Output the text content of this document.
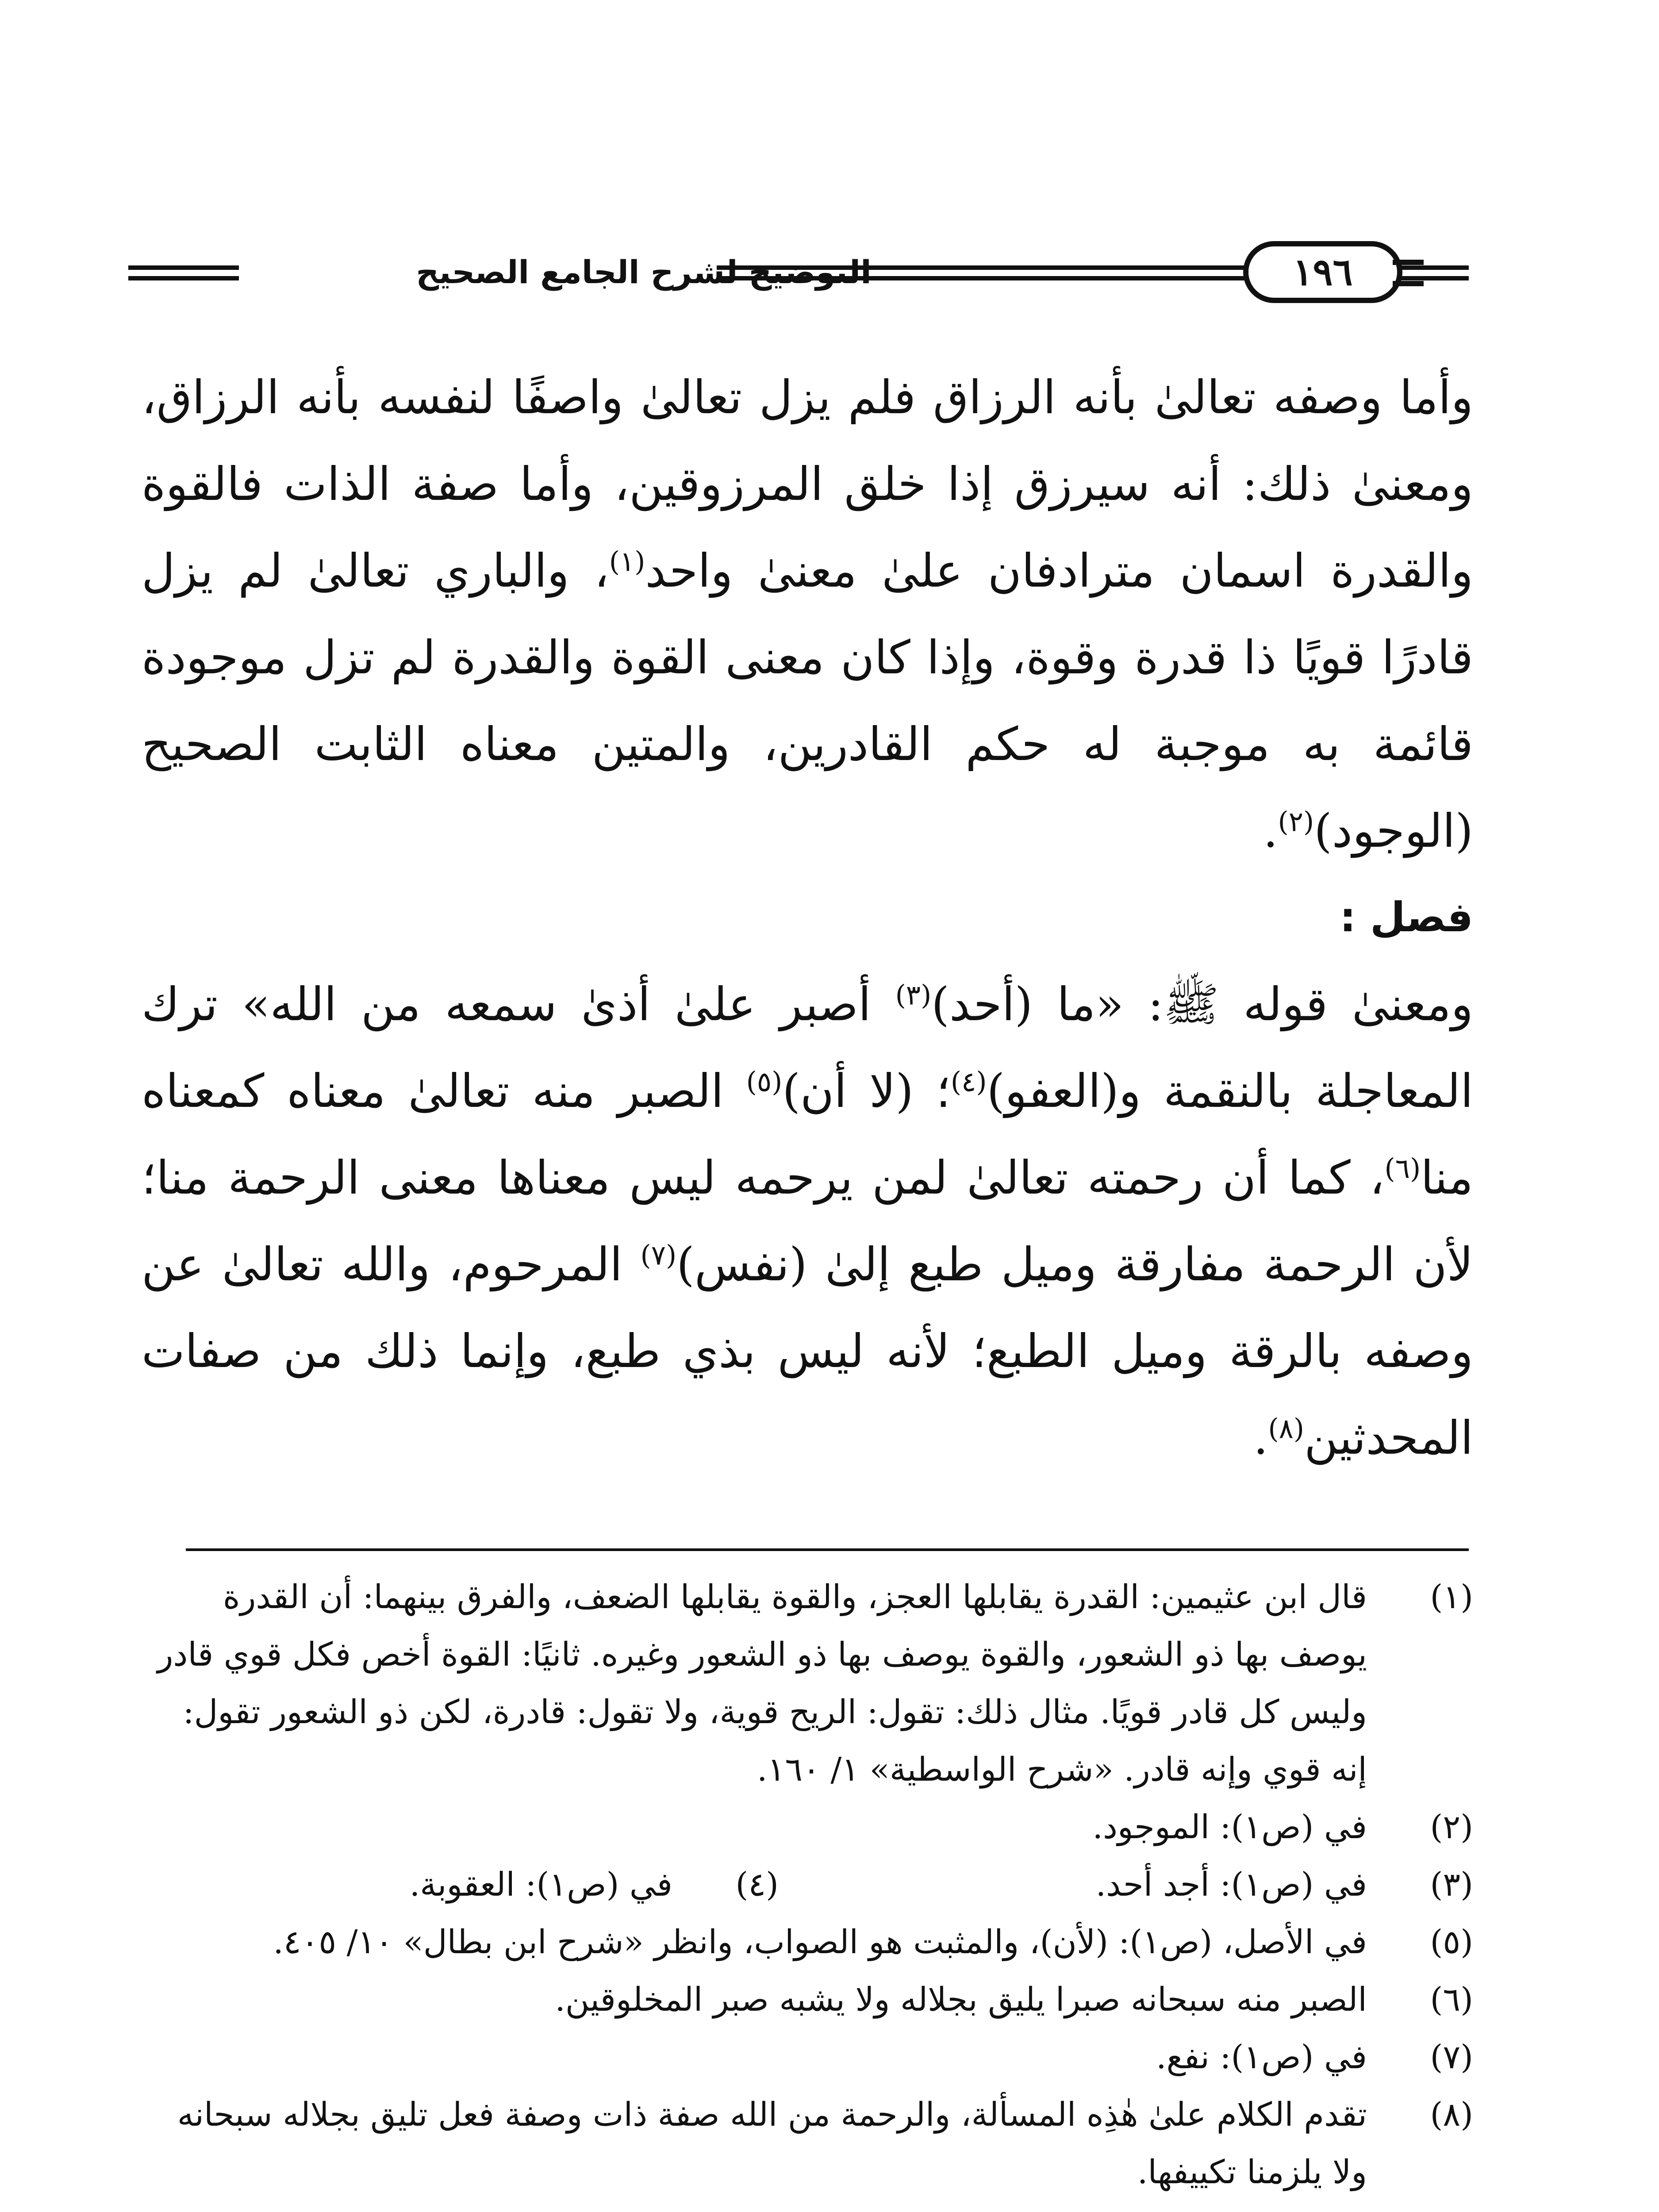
١٩٦
التوضيح لشرح الجامع الصحيح

وأما وصفه تعالىٰ بأنه الرزاق فلم يزل تعالىٰ واصفًا لنفسه بأنه الرزاق، ومعنىٰ ذلك: أنه سيرزق إذا خلق المرزوقين، وأما صفة الذات فالقوة والقدرة اسمان مترادفان علىٰ معنىٰ واحد$^{(١)}$، والباري تعالىٰ لم يزل قادرًا قويًا ذا قدرة وقوة، وإذا كان معنى القوة والقدرة لم تزل موجودة قائمة به موجبة له حكم القادرين، والمتين معناه الثابت الصحيح (الوجود)$^{(٢)}$.

فصل :

ومعنىٰ قوله ﷺ: «ما (أحد)$^{(٣)}$ أصبر علىٰ أذىٰ سمعه من الله» ترك المعاجلة بالنقمة و(العفو)$^{(٤)}$؛ (لا أن)$^{(٥)}$ الصبر منه تعالىٰ معناه كمعناه منا$^{(٦)}$، كما أن رحمته تعالىٰ لمن يرحمه ليس معناها معنى الرحمة منا؛ لأن الرحمة مفارقة وميل طبع إلىٰ (نفس)$^{(٧)}$ المرحوم، والله تعالىٰ عن وصفه بالرقة وميل الطبع؛ لأنه ليس بذي طبع، وإنما ذلك من صفات المحدثين$^{(٨)}$.

(١)
قال ابن عثيمين: القدرة يقابلها العجز، والقوة يقابلها الضعف، والفرق بينهما: أن القدرة يوصف بها ذو الشعور، والقوة يوصف بها ذو الشعور وغيره. ثانيًا: القوة أخص فكل قوي قادر وليس كل قادر قويًا. مثال ذلك: تقول: الريح قوية، ولا تقول: قادرة، لكن ذو الشعور تقول: إنه قوي وإنه قادر. «شرح الواسطية» ١/ ١٦٠.

(٢)
في (ص١): الموجود.

(٣)
في (ص١): أجد أحد.

(٤)
في (ص١): العقوبة.

(٥)
في الأصل، (ص١): (لأن)، والمثبت هو الصواب، وانظر «شرح ابن بطال» ١٠/ ٤٠٥.

(٦)
الصبر منه سبحانه صبرا يليق بجلاله ولا يشبه صبر المخلوقين.

(٧)
في (ص١): نفع.

(٨)
تقدم الكلام علىٰ هٰذِه المسألة، والرحمة من الله صفة ذات وصفة فعل تليق بجلاله سبحانه ولا يلزمنا تكييفها.
